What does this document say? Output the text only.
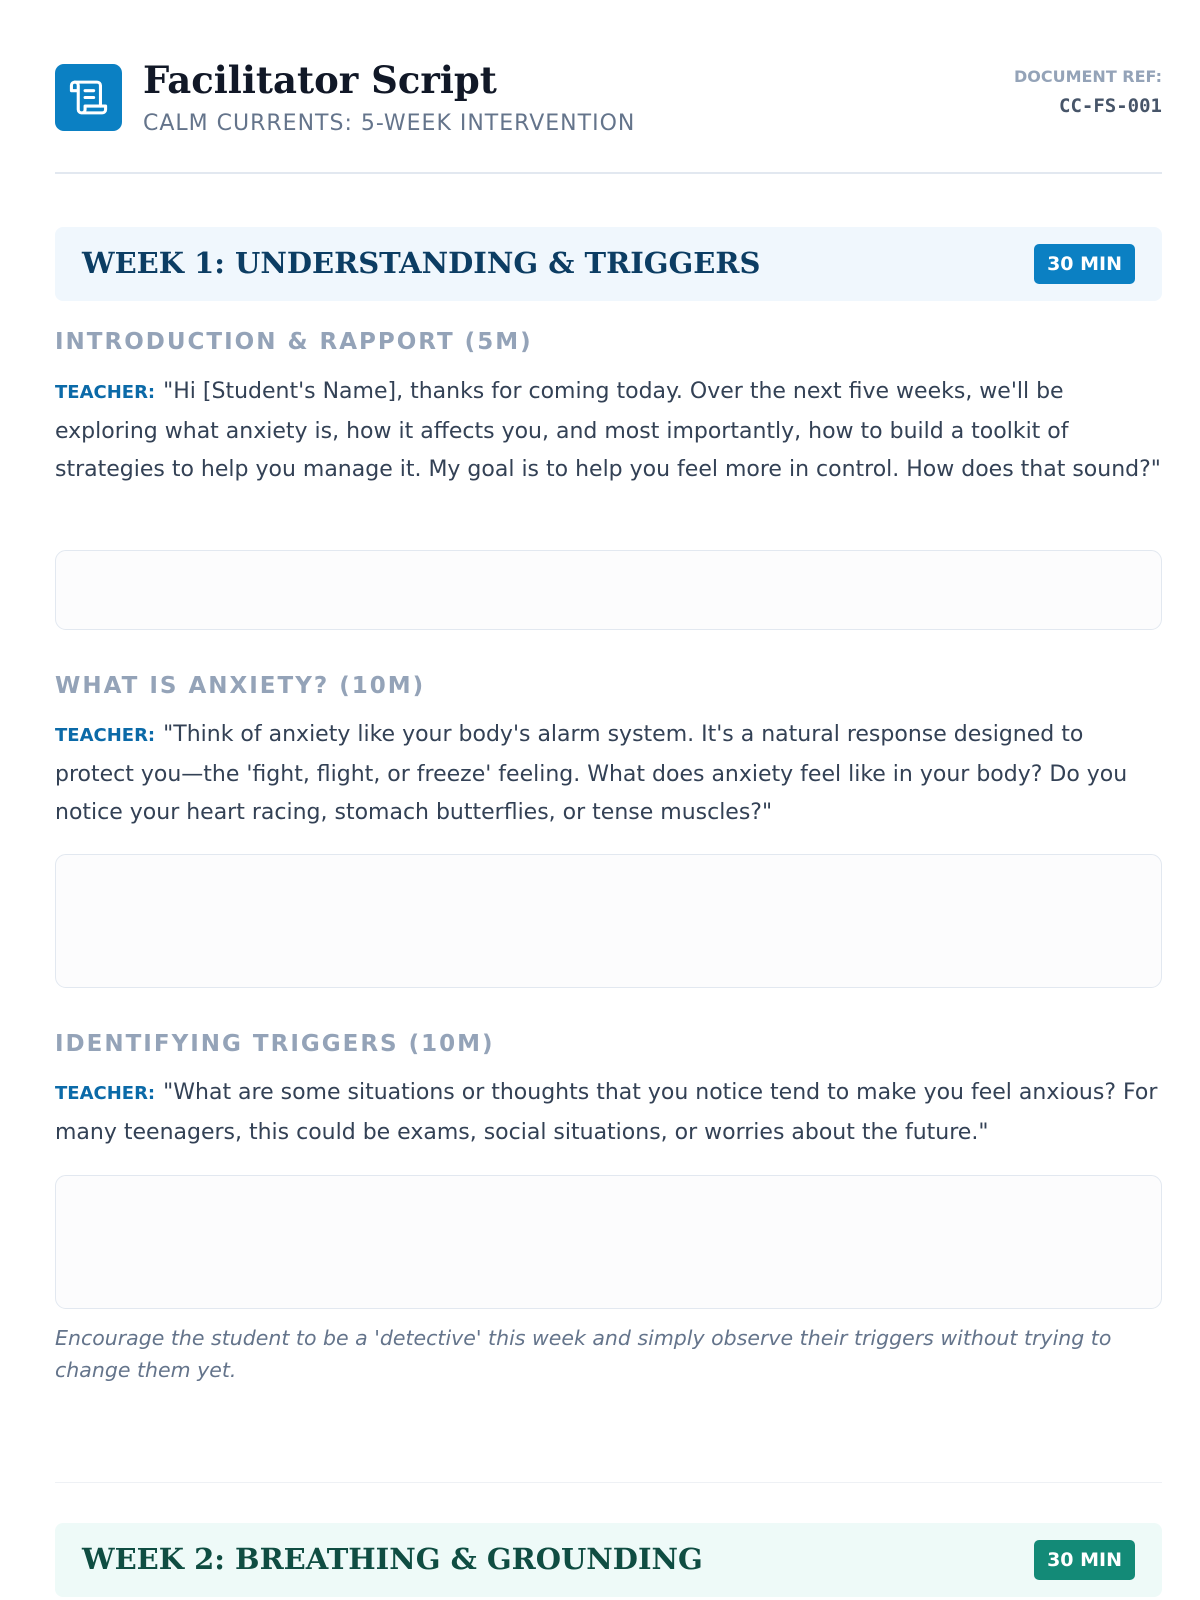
Facilitator Script
CALM CURRENTS: 5-WEEK INTERVENTION
DOCUMENT REF:
CC-FS-001
WEEK 1: UNDERSTANDING & TRIGGERS	30 MIN
INTRODUCTION & RAPPORT (5M)
TEACHER: "Hi [Student's Name], thanks for coming today. Over the next five weeks, we'll be exploring what anxiety is, how it affects you, and most importantly, how to build a toolkit of strategies to help you manage it. My goal is to help you feel more in control. How does that sound?"
WHAT IS ANXIETY? (10M)
TEACHER: "Think of anxiety like your body's alarm system. It's a natural response designed to protect you—the 'fight, flight, or freeze' feeling. What does anxiety feel like in your body? Do you notice your heart racing, stomach butterflies, or tense muscles?"
IDENTIFYING TRIGGERS (10M)
TEACHER: "What are some situations or thoughts that you notice tend to make you feel anxious? For many teenagers, this could be exams, social situations, or worries about the future."
Encourage the student to be a 'detective' this week and simply observe their triggers without trying to change them yet.
WEEK 2: BREATHING & GROUNDING	30 MIN
